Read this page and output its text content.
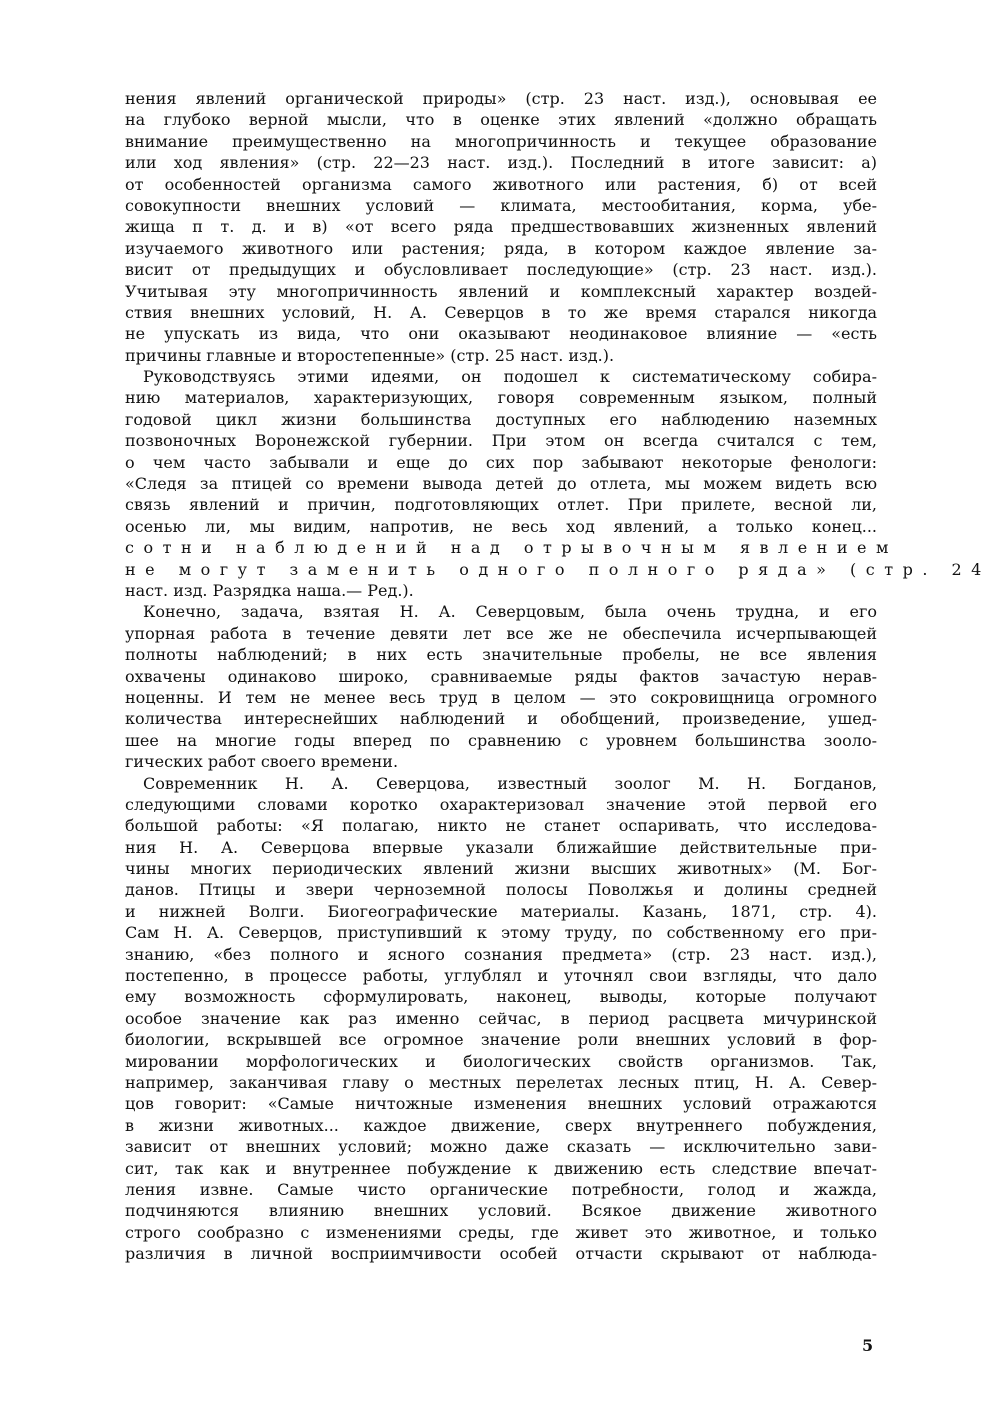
нения явлений органической природы» (стр. 23 наст. изд.), основывая ее
на глубоко верной мысли, что в оценке этих явлений «должно обращать
внимание преимущественно на многопричинность и текущее образование
или ход явления» (стр. 22—23 наст. изд.). Последний в итоге зависит: а)
от особенностей организма самого животного или растения, б) от всей
совокупности внешних условий — климата, местообитания, корма, убе-
жища п т. д. и в) «от всего ряда предшествовавших жизненных явлений
изучаемого животного или растения; ряда, в котором каждое явление за-
висит от предыдущих и обусловливает последующие» (стр. 23 наст. изд.).
Учитывая эту многопричинность явлений и комплексный характер воздей-
ствия внешних условий, Н. А. Северцов в то же время старался никогда
не упускать из вида, что они оказывают неодинаковое влияние — «есть
причины главные и второстепенные» (стр. 25 наст. изд.).
Руководствуясь этими идеями, он подошел к систематическому собира-
нию материалов, характеризующих, говоря современным языком, полный
годовой цикл жизни большинства доступных его наблюдению наземных
позвоночных Воронежской губернии. При этом он всегда считался с тем,
о чем часто забывали и еще до сих пор забывают некоторые фенологи:
«Следя за птицей со времени вывода детей до отлета, мы можем видеть всю
связь явлений и причин, подготовляющих отлет. При прилете, весной ли,
осенью ли, мы видим, напротив, не весь ход явлений, а только конец...
сотни наблюдений над отрывочным явлением
не могут заменить одного полного ряда» (стр. 24
наст. изд. Разрядка наша.— Ред.).
Конечно, задача, взятая Н. А. Северцовым, была очень трудна, и его
упорная работа в течение девяти лет все же не обеспечила исчерпывающей
полноты наблюдений; в них есть значительные пробелы, не все явления
охвачены одинаково широко, сравниваемые ряды фактов зачастую нерав-
ноценны. И тем не менее весь труд в целом — это сокровищница огромного
количества интереснейших наблюдений и обобщений, произведение, ушед-
шее на многие годы вперед по сравнению с уровнем большинства зооло-
гических работ своего времени.
Современник Н. А. Северцова, известный зоолог М. Н. Богданов,
следующими словами коротко охарактеризовал значение этой первой его
большой работы: «Я полагаю, никто не станет оспаривать, что исследова-
ния Н. А. Северцова впервые указали ближайшие действительные при-
чины многих периодических явлений жизни высших животных» (М. Бог-
данов. Птицы и звери черноземной полосы Поволжья и долины средней
и нижней Волги. Биогеографические материалы. Казань, 1871, стр. 4).
Сам Н. А. Северцов, приступивший к этому труду, по собственному его при-
знанию, «без полного и ясного сознания предмета» (стр. 23 наст. изд.),
постепенно, в процессе работы, углублял и уточнял свои взгляды, что дало
ему возможность сформулировать, наконец, выводы, которые получают
особое значение как раз именно сейчас, в период расцвета мичуринской
биологии, вскрывшей все огромное значение роли внешних условий в фор-
мировании морфологических и биологических свойств организмов. Так,
например, заканчивая главу о местных перелетах лесных птиц, Н. А. Север-
цов говорит: «Самые ничтожные изменения внешних условий отражаются
в жизни животных... каждое движение, сверх внутреннего побуждения,
зависит от внешних условий; можно даже сказать — исключительно зави-
сит, так как и внутреннее побуждение к движению есть следствие впечат-
ления извне. Самые чисто органические потребности, голод и жажда,
подчиняются влиянию внешних условий. Всякое движение животного
строго сообразно с изменениями среды, где живет это животное, и только
различия в личной восприимчивости особей отчасти скрывают от наблюда-
5
